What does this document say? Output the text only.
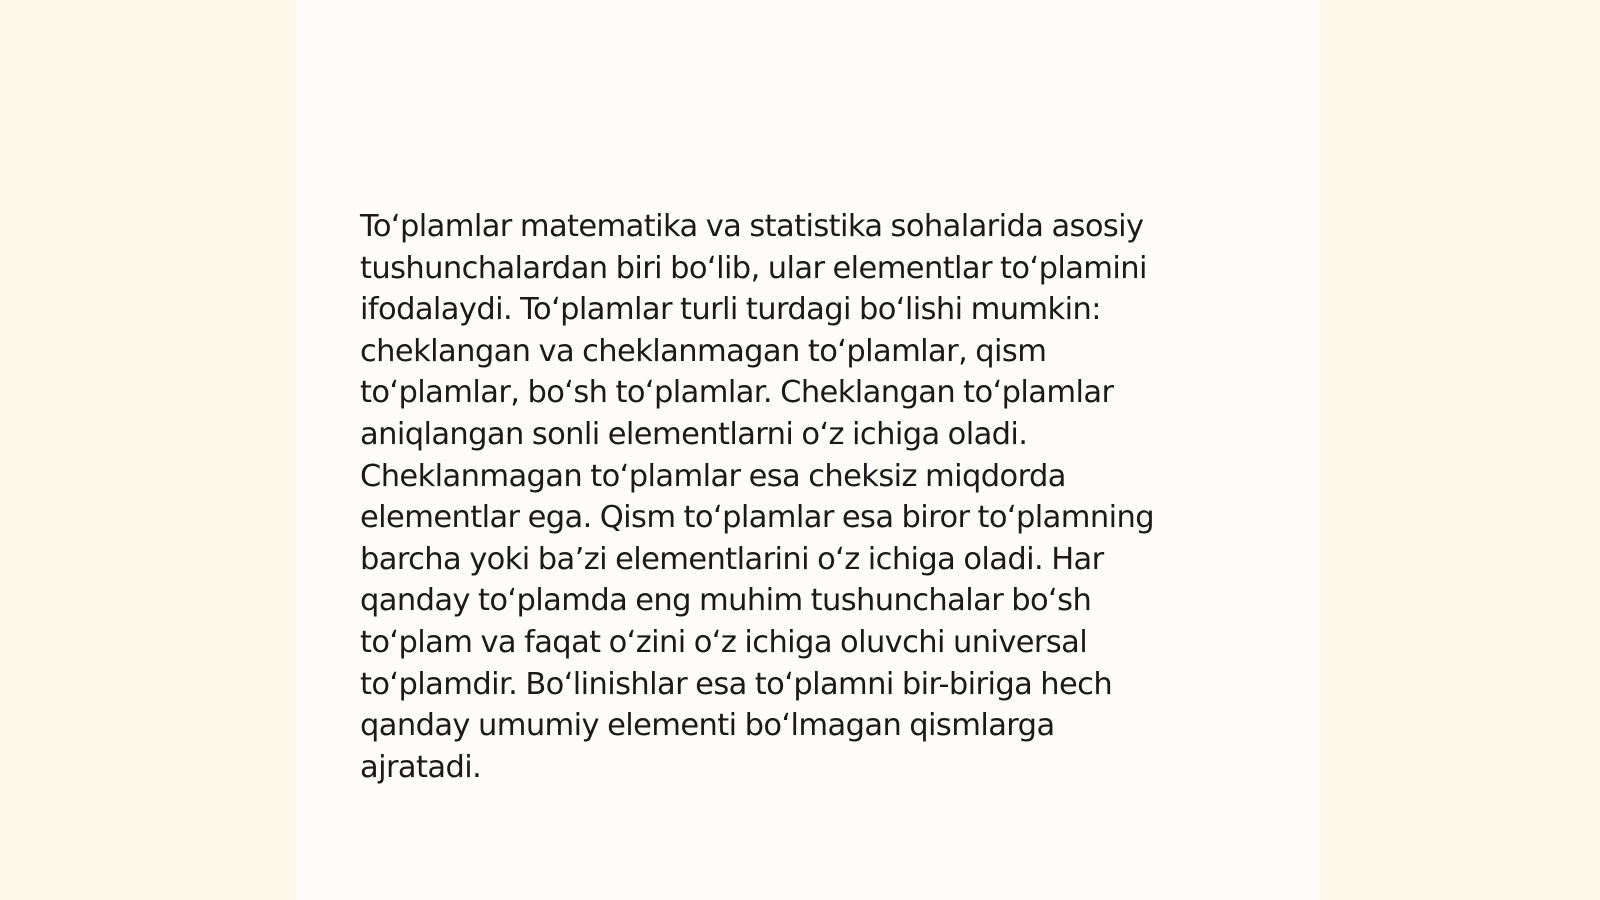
To‘plamlar matematika va statistika sohalarida asosiy
tushunchalardan biri bo‘lib, ular elementlar to‘plamini
ifodalaydi. To‘plamlar turli turdagi bo‘lishi mumkin:
cheklangan va cheklanmagan to‘plamlar, qism
to‘plamlar, bo‘sh to‘plamlar. Cheklangan to‘plamlar
aniqlangan sonli elementlarni o‘z ichiga oladi.
Cheklanmagan to‘plamlar esa cheksiz miqdorda
elementlar ega. Qism to‘plamlar esa biror to‘plamning
barcha yoki ba’zi elementlarini o‘z ichiga oladi. Har
qanday to‘plamda eng muhim tushunchalar bo‘sh
to‘plam va faqat o‘zini o‘z ichiga oluvchi universal
to‘plamdir. Bo‘linishlar esa to‘plamni bir-biriga hech
qanday umumiy elementi bo‘lmagan qismlarga
ajratadi.
